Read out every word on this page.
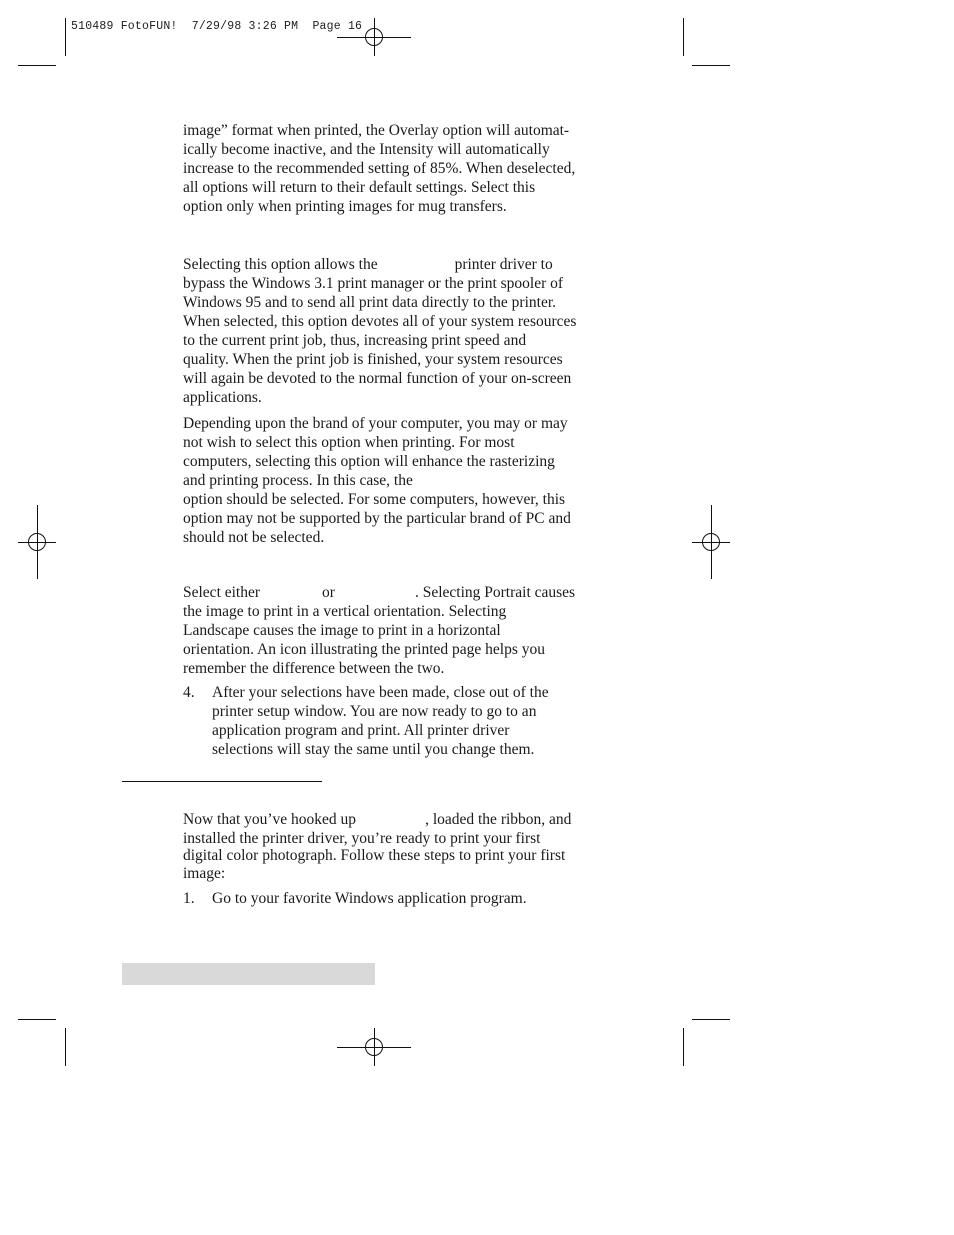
510489 FotoFUN!  7/29/98 3:26 PM  Page 16
image” format when printed, the Overlay option will automat-
ically become inactive, and the Intensity will automatically
increase to the recommended setting of 85%. When deselected,
all options will return to their default settings. Select this
option only when printing images for mug transfers.
Selecting this option allows the	printer driver to
bypass the Windows 3.1 print manager or the print spooler of
Windows 95 and to send all print data directly to the printer.
When selected, this option devotes all of your system resources
to the current print job, thus, increasing print speed and
quality. When the print job is finished, your system resources
will again be devoted to the normal function of your on-screen
applications.
Depending upon the brand of your computer, you may or may
not wish to select this option when printing. For most
computers, selecting this option will enhance the rasterizing
and printing process. In this case, the
option should be selected. For some computers, however, this
option may not be supported by the particular brand of PC and
should not be selected.
Select either	or	. Selecting Portrait causes
the image to print in a vertical orientation. Selecting
Landscape causes the image to print in a horizontal
orientation. An icon illustrating the printed page helps you
remember the difference between the two.
4. After your selections have been made, close out of the
printer setup window. You are now ready to go to an
application program and print. All printer driver
selections will stay the same until you change them.
Now that you’ve hooked up	, loaded the ribbon, and
installed the printer driver, you’re ready to print your first
digital color photograph. Follow these steps to print your first
image:
1. Go to your favorite Windows application program.
